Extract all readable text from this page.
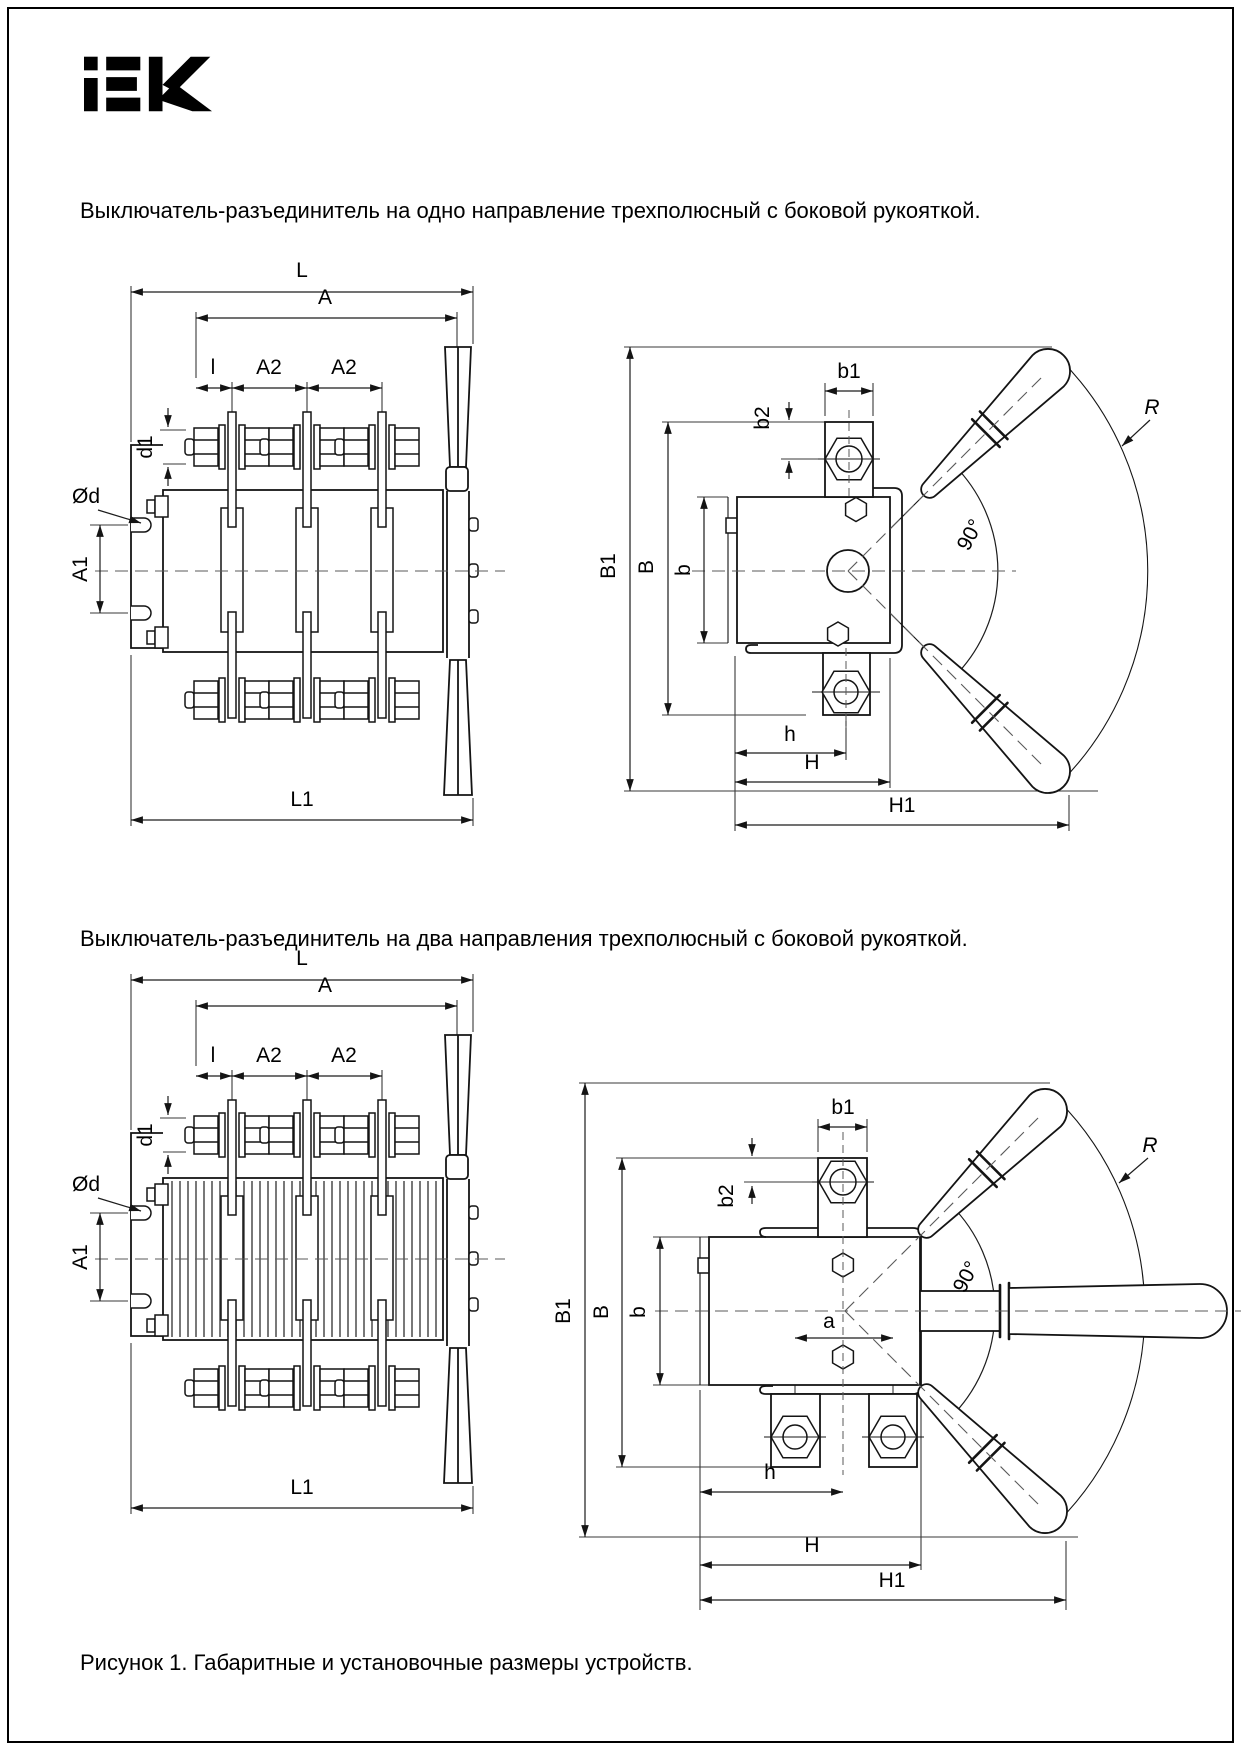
Выключатель-разъединитель на одно направление трехполюсный с боковой рукояткой.
Выключатель-разъединитель на два направления трехполюсный с боковой рукояткой.
Рисунок 1. Габаритные и установочные размеры устройств.
L
A
l A2 A2
d1
Ød
A1
L1
B1 B b
b1
b2
h
H
H1
R
90°
L
A
l A2 A2
d1
Ød
A1
L1
B1 B b
b1
b2
a
h
H
H1
R
90°
